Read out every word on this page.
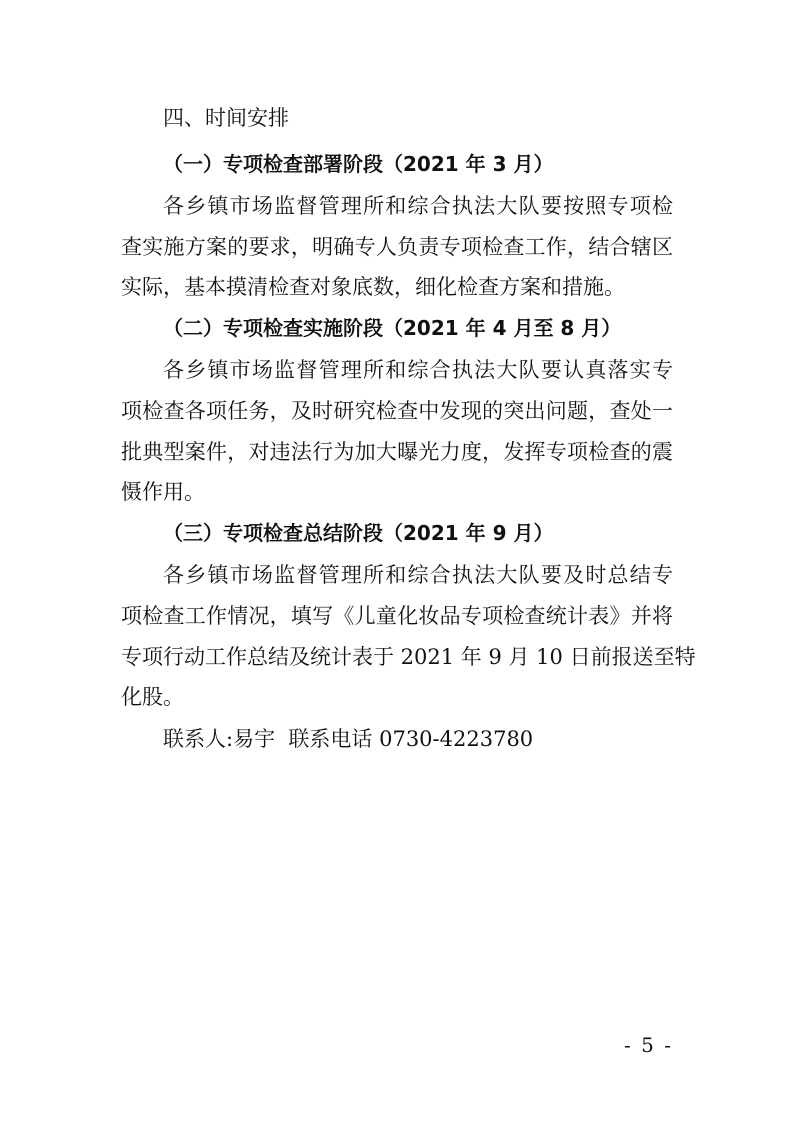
四、时间安排
（一）专项检查部署阶段（2021 年 3 月）
各乡镇市场监督管理所和综合执法大队要按照专项检
查实施方案的要求，明确专人负责专项检查工作，结合辖区
实际，基本摸清检查对象底数，细化检查方案和措施。
（二）专项检查实施阶段（2021 年 4 月至 8 月）
各乡镇市场监督管理所和综合执法大队要认真落实专
项检查各项任务，及时研究检查中发现的突出问题，查处一
批典型案件，对违法行为加大曝光力度，发挥专项检查的震
慑作用。
（三）专项检查总结阶段（2021 年 9 月）
各乡镇市场监督管理所和综合执法大队要及时总结专
项检查工作情况，填写《儿童化妆品专项检查统计表》并将
专项行动工作总结及统计表于 2021 年 9 月 10 日前报送至特
化股。
联系人:易宇  联系电话 0730-4223780
- 5 -
